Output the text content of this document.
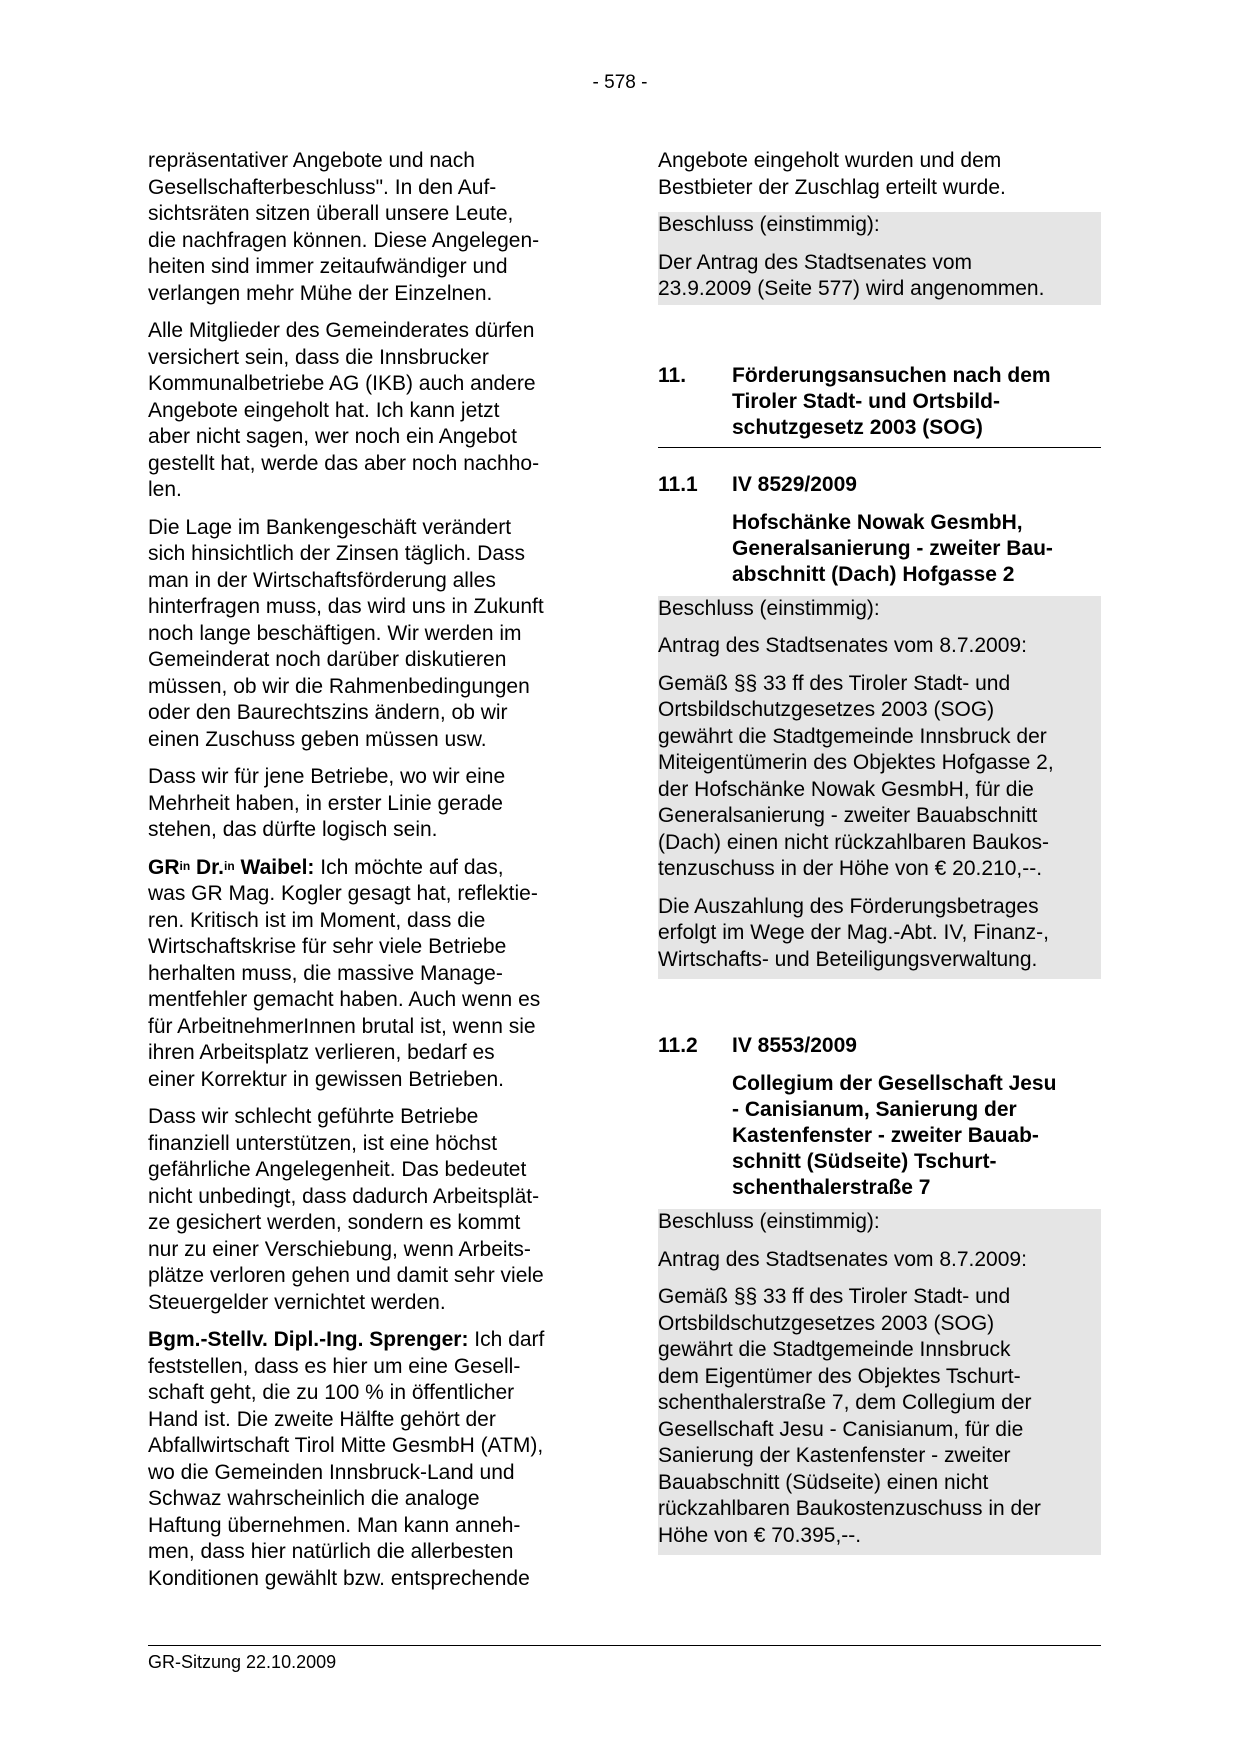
- 578 -

repräsentativer Angebote und nach
Gesellschafterbeschluss". In den Auf-
sichtsräten sitzen überall unsere Leute,
die nachfragen können. Diese Angelegen-
heiten sind immer zeitaufwändiger und
verlangen mehr Mühe der Einzelnen.

Alle Mitglieder des Gemeinderates dürfen
versichert sein, dass die Innsbrucker
Kommunalbetriebe AG (IKB) auch andere
Angebote eingeholt hat. Ich kann jetzt
aber nicht sagen, wer noch ein Angebot
gestellt hat, werde das aber noch nachho-
len.

Die Lage im Bankengeschäft verändert
sich hinsichtlich der Zinsen täglich. Dass
man in der Wirtschaftsförderung alles
hinterfragen muss, das wird uns in Zukunft
noch lange beschäftigen. Wir werden im
Gemeinderat noch darüber diskutieren
müssen, ob wir die Rahmenbedingungen
oder den Baurechtszins ändern, ob wir
einen Zuschuss geben müssen usw.

Dass wir für jene Betriebe, wo wir eine
Mehrheit haben, in erster Linie gerade
stehen, das dürfte logisch sein.

$GR^{in}$ Dr.$^{in}$ Waibel: Ich möchte auf das,
was GR Mag. Kogler gesagt hat, reflektie-
ren. Kritisch ist im Moment, dass die
Wirtschaftskrise für sehr viele Betriebe
herhalten muss, die massive Manage-
mentfehler gemacht haben. Auch wenn es
für ArbeitnehmerInnen brutal ist, wenn sie
ihren Arbeitsplatz verlieren, bedarf es
einer Korrektur in gewissen Betrieben.

Dass wir schlecht geführte Betriebe
finanziell unterstützen, ist eine höchst
gefährliche Angelegenheit. Das bedeutet
nicht unbedingt, dass dadurch Arbeitsplät-
ze gesichert werden, sondern es kommt
nur zu einer Verschiebung, wenn Arbeits-
plätze verloren gehen und damit sehr viele
Steuergelder vernichtet werden.

Bgm.-Stellv. Dipl.-Ing. Sprenger: Ich darf
feststellen, dass es hier um eine Gesell-
schaft geht, die zu 100 % in öffentlicher
Hand ist. Die zweite Hälfte gehört der
Abfallwirtschaft Tirol Mitte GesmbH (ATM),
wo die Gemeinden Innsbruck-Land und
Schwaz wahrscheinlich die analoge
Haftung übernehmen. Man kann anneh-
men, dass hier natürlich die allerbesten
Konditionen gewählt bzw. entsprechende

Angebote eingeholt wurden und dem
Bestbieter der Zuschlag erteilt wurde.

Beschluss (einstimmig):

Der Antrag des Stadtsenates vom
23.9.2009 (Seite 577) wird angenommen.

11.	Förderungsansuchen nach dem
Tiroler Stadt- und Ortsbild-
schutzgesetz 2003 (SOG)
11.1	IV 8529/2009
Hofschänke Nowak GesmbH,
Generalsanierung - zweiter Bau-
abschnitt (Dach) Hofgasse 2

Beschluss (einstimmig):

Antrag des Stadtsenates vom 8.7.2009:

Gemäß §§ 33 ff des Tiroler Stadt- und
Ortsbildschutzgesetzes 2003 (SOG)
gewährt die Stadtgemeinde Innsbruck der
Miteigentümerin des Objektes Hofgasse 2,
der Hofschänke Nowak GesmbH, für die
Generalsanierung - zweiter Bauabschnitt
(Dach) einen nicht rückzahlbaren Baukos-
tenzuschuss in der Höhe von € 20.210,--.

Die Auszahlung des Förderungsbetrages
erfolgt im Wege der Mag.-Abt. IV, Finanz-,
Wirtschafts- und Beteiligungsverwaltung.

11.2	IV 8553/2009
Collegium der Gesellschaft Jesu
- Canisianum, Sanierung der
Kastenfenster - zweiter Bauab-
schnitt (Südseite) Tschurt-
schenthalerstraße 7

Beschluss (einstimmig):

Antrag des Stadtsenates vom 8.7.2009:

Gemäß §§ 33 ff des Tiroler Stadt- und
Ortsbildschutzgesetzes 2003 (SOG)
gewährt die Stadtgemeinde Innsbruck
dem Eigentümer des Objektes Tschurt-
schenthalerstraße 7, dem Collegium der
Gesellschaft Jesu - Canisianum, für die
Sanierung der Kastenfenster - zweiter
Bauabschnitt (Südseite) einen nicht
rückzahlbaren Baukostenzuschuss in der
Höhe von € 70.395,--.

GR-Sitzung 22.10.2009
